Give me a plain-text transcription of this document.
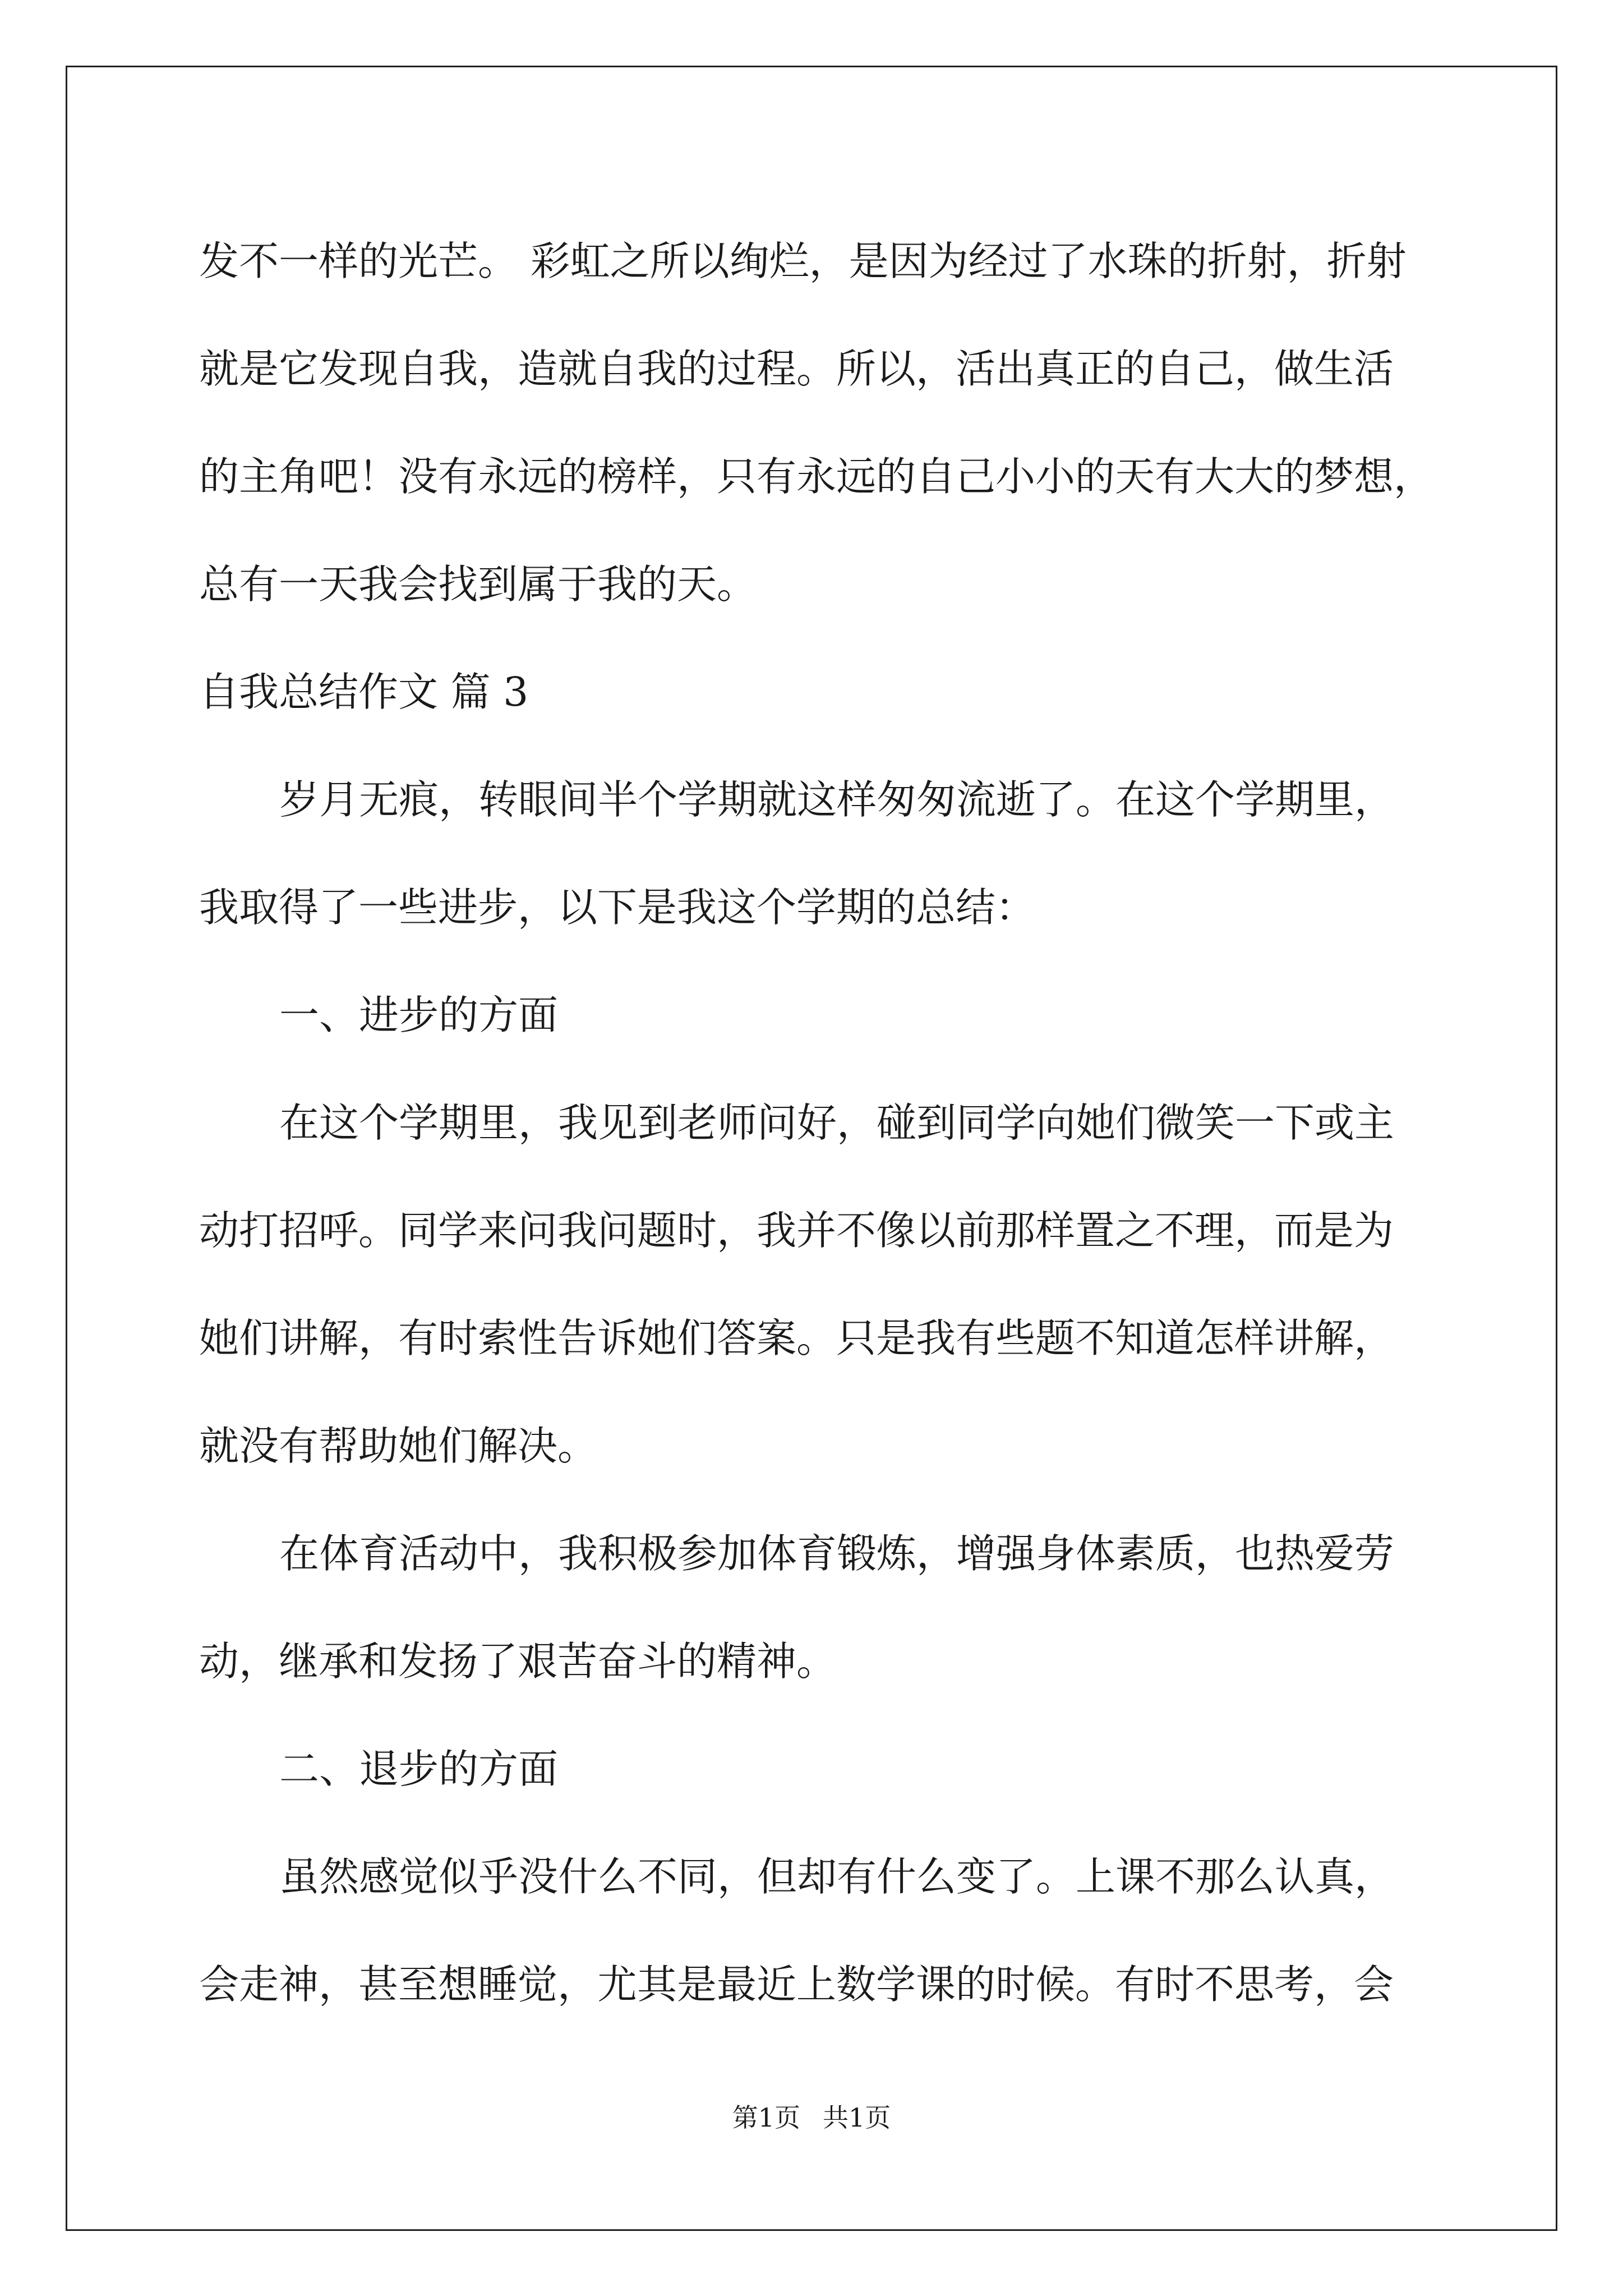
发不一样的光芒。 彩虹之所以绚烂，是因为经过了水珠的折射，折射
就是它发现自我，造就自我的过程。所以，活出真正的自己，做生活
的主角吧！没有永远的榜样，只有永远的自己小小的天有大大的梦想，
总有一天我会找到属于我的天。
自我总结作文 篇 3
岁月无痕，转眼间半个学期就这样匆匆流逝了。在这个学期里，
我取得了一些进步，以下是我这个学期的总结：
一、进步的方面
在这个学期里，我见到老师问好，碰到同学向她们微笑一下或主
动打招呼。同学来问我问题时，我并不像以前那样置之不理，而是为
她们讲解，有时索性告诉她们答案。只是我有些题不知道怎样讲解，
就没有帮助她们解决。
在体育活动中，我积极参加体育锻炼，增强身体素质，也热爱劳
动，继承和发扬了艰苦奋斗的精神。
二、退步的方面
虽然感觉似乎没什么不同，但却有什么变了。上课不那么认真，
会走神，甚至想睡觉，尤其是最近上数学课的时候。有时不思考，会
第1页 共1页
